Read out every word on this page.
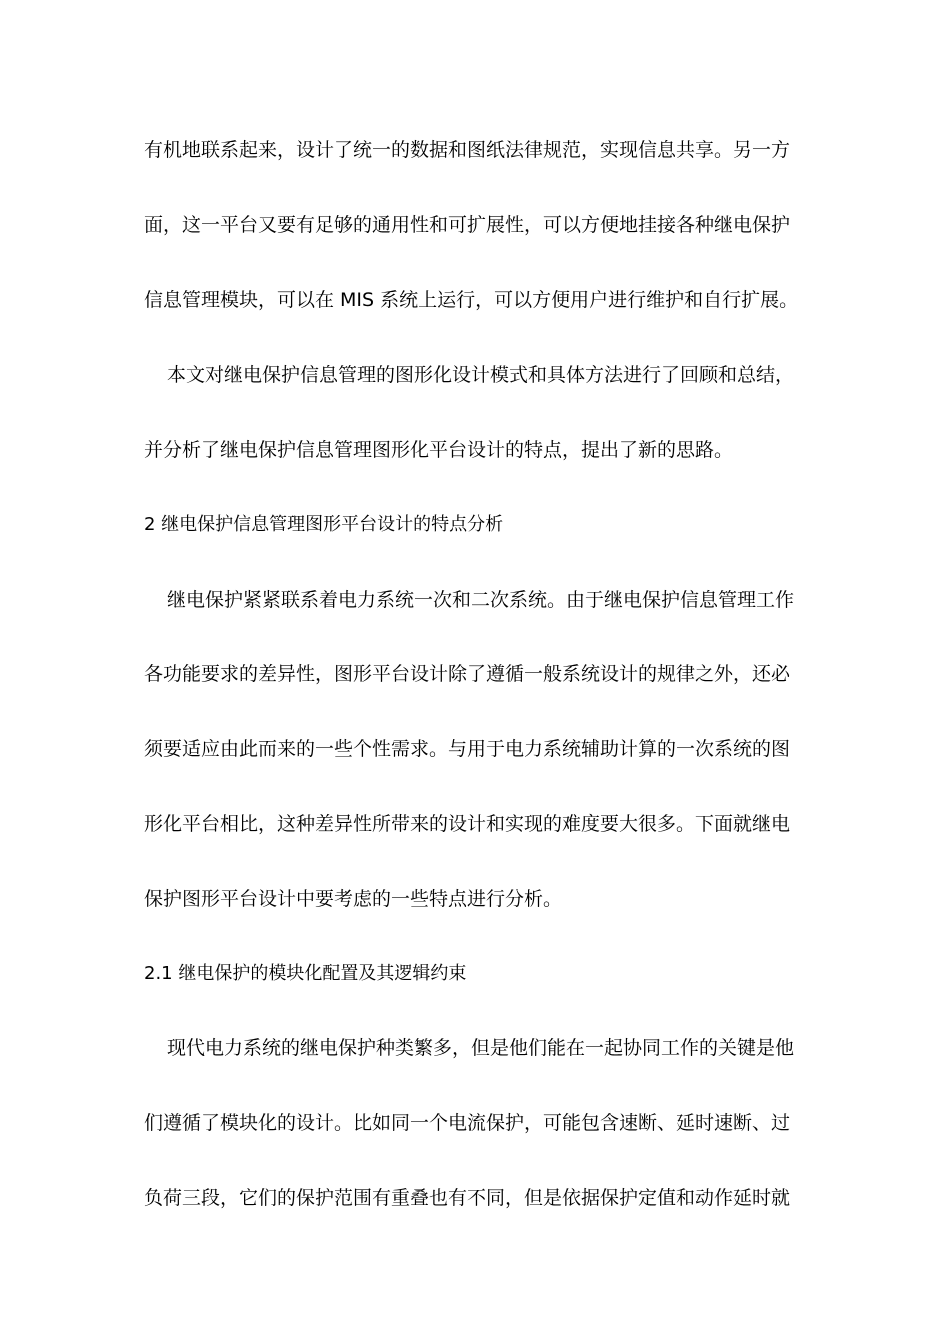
有机地联系起来，设计了统一的数据和图纸法律规范，实现信息共享。另一方
面，这一平台又要有足够的通用性和可扩展性，可以方便地挂接各种继电保护
信息管理模块，可以在 MIS 系统上运行，可以方便用户进行维护和自行扩展。
本文对继电保护信息管理的图形化设计模式和具体方法进行了回顾和总结，
并分析了继电保护信息管理图形化平台设计的特点，提出了新的思路。
2 继电保护信息管理图形平台设计的特点分析
继电保护紧紧联系着电力系统一次和二次系统。由于继电保护信息管理工作
各功能要求的差异性，图形平台设计除了遵循一般系统设计的规律之外，还必
须要适应由此而来的一些个性需求。与用于电力系统辅助计算的一次系统的图
形化平台相比，这种差异性所带来的设计和实现的难度要大很多。下面就继电
保护图形平台设计中要考虑的一些特点进行分析。
2.1 继电保护的模块化配置及其逻辑约束
现代电力系统的继电保护种类繁多，但是他们能在一起协同工作的关键是他
们遵循了模块化的设计。比如同一个电流保护，可能包含速断、延时速断、过
负荷三段，它们的保护范围有重叠也有不同，但是依据保护定值和动作延时就
